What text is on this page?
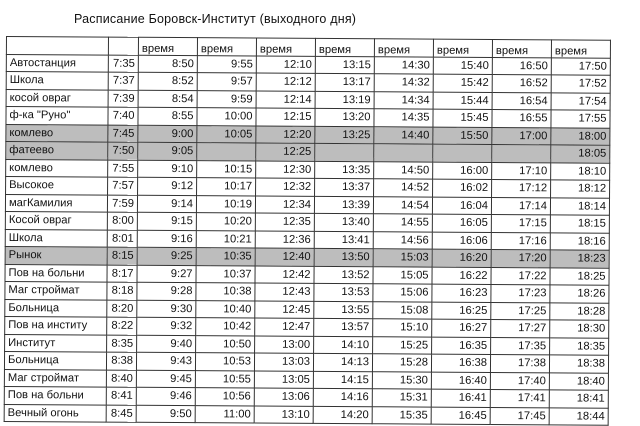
Расписание Боровск-Институт (выходного дня)
		время	время	время	время	время	время	время	время
Автостанция	7:35	8:50	9:55	12:10	13:15	14:30	15:40	16:50	17:50
Школа	7:37	8:52	9:57	12:12	13:17	14:32	15:42	16:52	17:52
косой овраг	7:39	8:54	9:59	12:14	13:19	14:34	15:44	16:54	17:54
ф-ка "Руно"	7:40	8:55	10:00	12:15	13:20	14:35	15:45	16:55	17:55
комлево	7:45	9:00	10:05	12:20	13:25	14:40	15:50	17:00	18:00
фатеево	7:50	9:05		12:25					18:05
комлево	7:55	9:10	10:15	12:30	13:35	14:50	16:00	17:10	18:10
Высокое	7:57	9:12	10:17	12:32	13:37	14:52	16:02	17:12	18:12
магКамилия	7:59	9:14	10:19	12:34	13:39	14:54	16:04	17:14	18:14
Косой овраг	8:00	9:15	10:20	12:35	13:40	14:55	16:05	17:15	18:15
Школа	8:01	9:16	10:21	12:36	13:41	14:56	16:06	17:16	18:16
Рынок	8:15	9:25	10:35	12:40	13:50	15:03	16:20	17:20	18:23
Пов на больни	8:17	9:27	10:37	12:42	13:52	15:05	16:22	17:22	18:25
Маг строймат	8:18	9:28	10:38	12:43	13:53	15:06	16:23	17:23	18:26
Больница	8:20	9:30	10:40	12:45	13:55	15:08	16:25	17:25	18:28
Пов на институ	8:22	9:32	10:42	12:47	13:57	15:10	16:27	17:27	18:30
Институт	8:35	9:40	10:50	13:00	14:10	15:25	16:35	17:35	18:35
Больница	8:38	9:43	10:53	13:03	14:13	15:28	16:38	17:38	18:38
Маг строймат	8:40	9:45	10:55	13:05	14:15	15:30	16:40	17:40	18:40
Пов на больни	8:41	9:46	10:56	13:06	14:16	15:31	16:41	17:41	18:41
Вечный огонь	8:45	9:50	11:00	13:10	14:20	15:35	16:45	17:45	18:44
